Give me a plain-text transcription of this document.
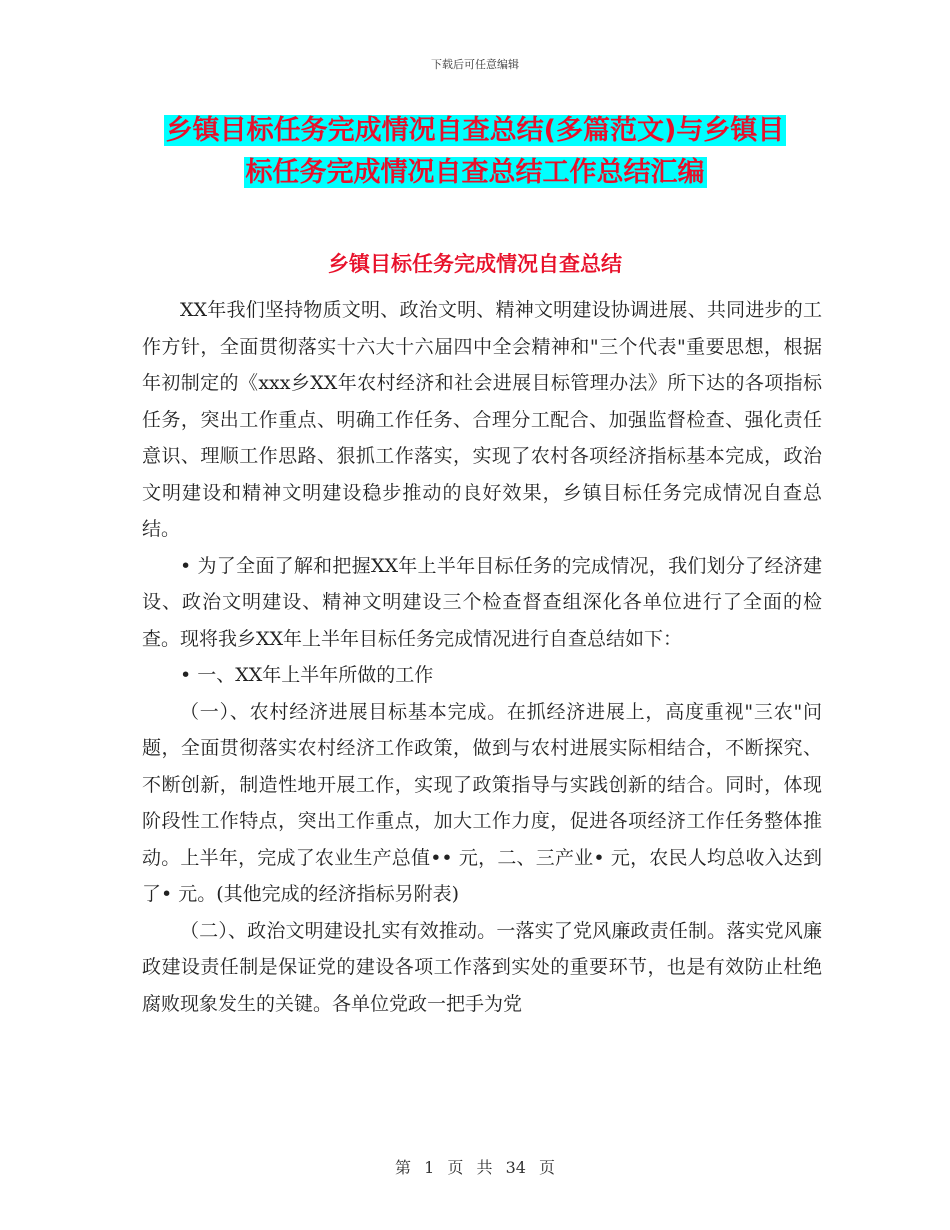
下载后可任意编辑
乡镇目标任务完成情况自查总结(多篇范文)与乡镇目
标任务完成情况自查总结工作总结汇编
乡镇目标任务完成情况自查总结

XX年我们坚持物质文明、政治文明、精神文明建设协调进展、共同进步的工作方针，全面贯彻落实十六大十六届四中全会精神和"三个代表"重要思想，根据年初制定的《xxx乡XX年农村经济和社会进展目标管理办法》所下达的各项指标任务，突出工作重点、明确工作任务、合理分工配合、加强监督检查、强化责任意识、理顺工作思路、狠抓工作落实，实现了农村各项经济指标基本完成，政治文明建设和精神文明建设稳步推动的良好效果，乡镇目标任务完成情况自查总结。

• 为了全面了解和把握XX年上半年目标任务的完成情况，我们划分了经济建设、政治文明建设、精神文明建设三个检查督查组深化各单位进行了全面的检查。现将我乡XX年上半年目标任务完成情况进行自查总结如下：

• 一、XX年上半年所做的工作

（一）、农村经济进展目标基本完成。在抓经济进展上，高度重视"三农"问题，全面贯彻落实农村经济工作政策，做到与农村进展实际相结合，不断探究、不断创新，制造性地开展工作，实现了政策指导与实践创新的结合。同时，体现阶段性工作特点，突出工作重点，加大工作力度，促进各项经济工作任务整体推动。上半年，完成了农业生产总值•• 元，二、三产业• 元，农民人均总收入达到了• 元。(其他完成的经济指标另附表)

（二）、政治文明建设扎实有效推动。一落实了党风廉政责任制。落实党风廉政建设责任制是保证党的建设各项工作落到实处的重要环节，也是有效防止杜绝腐败现象发生的关键。各单位党政一把手为党

第 1 页 共 34 页
